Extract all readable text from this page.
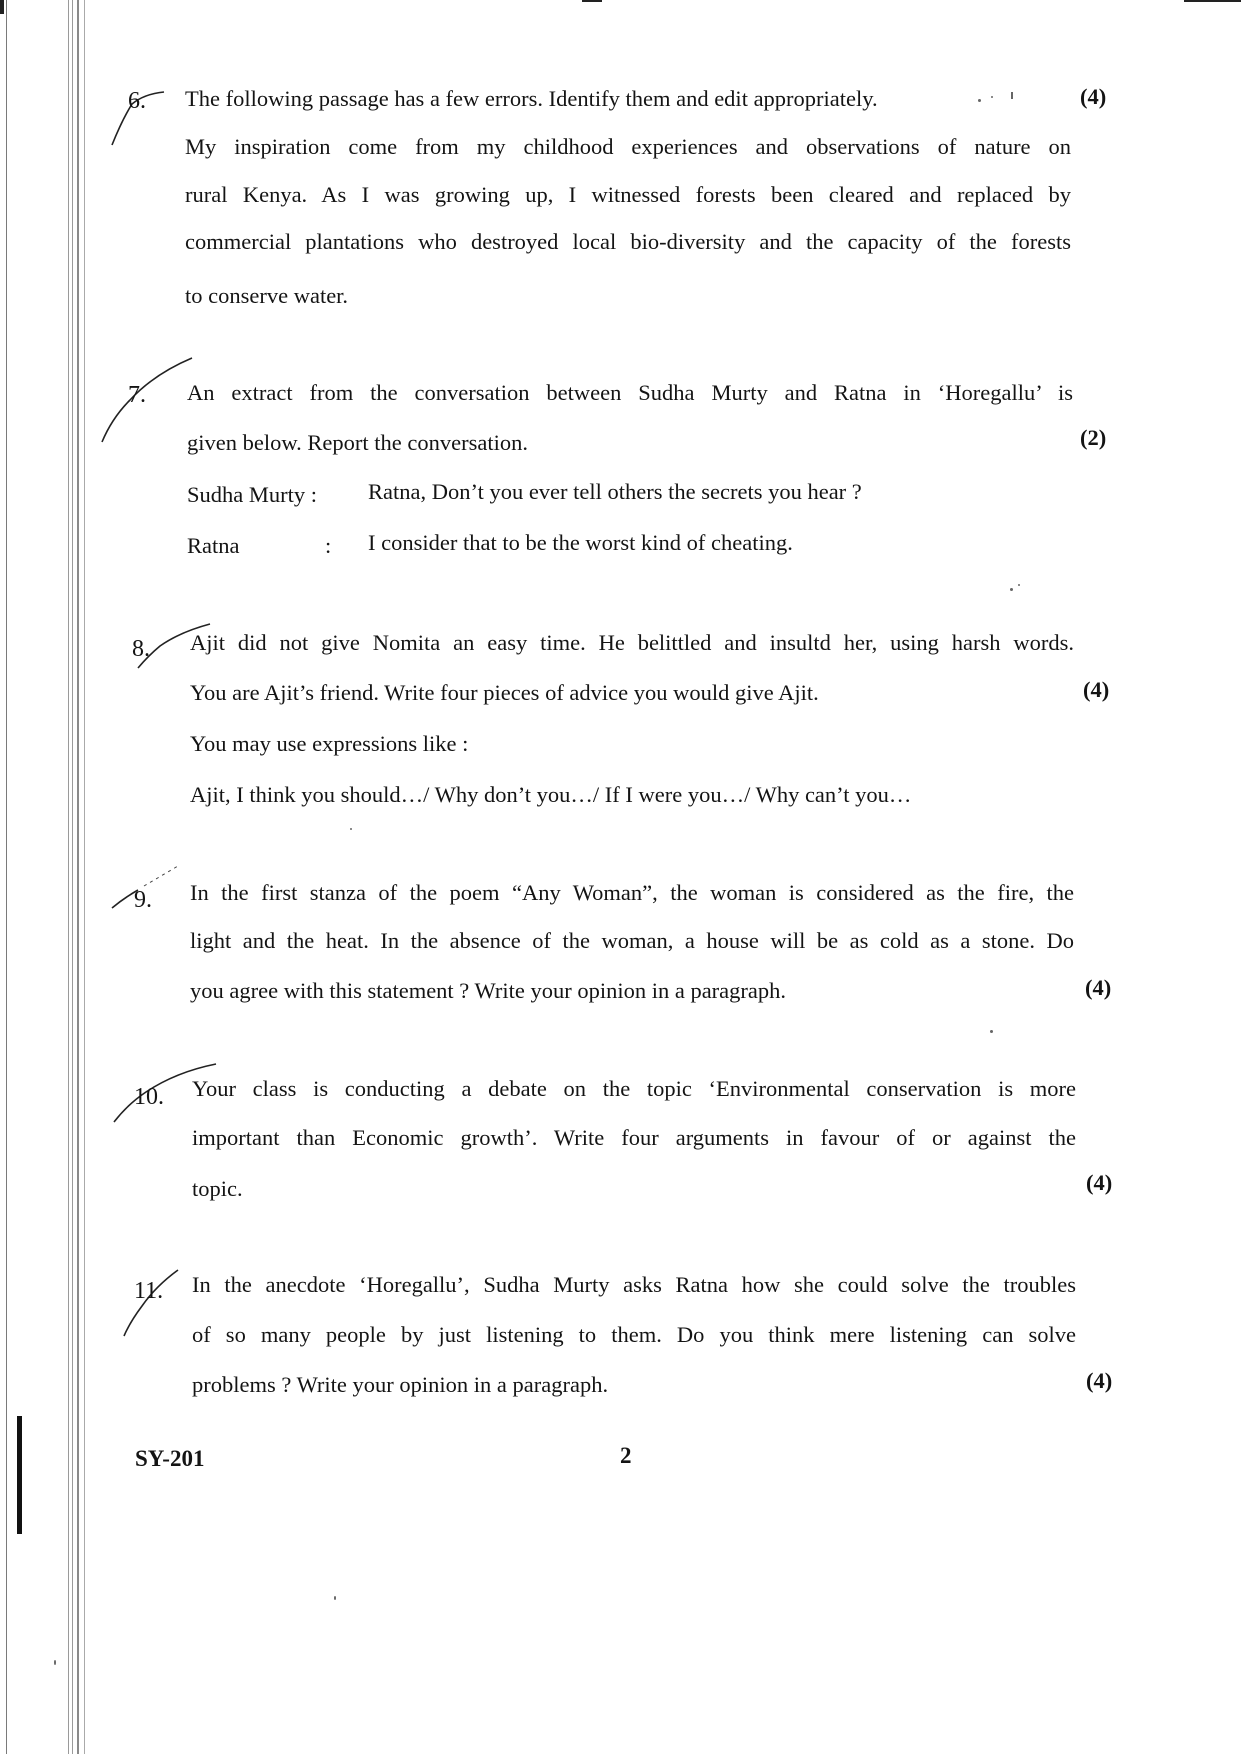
6. The following passage has a few errors. Identify them and edit appropriately.	(4)
My inspiration come from my childhood experiences and observations of nature on
rural Kenya. As I was growing up, I witnessed forests been cleared and replaced by
commercial plantations who destroyed local bio-diversity and the capacity of the forests
to conserve water.
7. An extract from the conversation between Sudha Murty and Ratna in ‘Horegallu’ is
given below. Report the conversation.	(2)
Sudha Murty : Ratna, Don’t you ever tell others the secrets you hear ?
Ratna	: I consider that to be the worst kind of cheating.
8. Ajit did not give Nomita an easy time. He belittled and insultd her, using harsh words.
You are Ajit’s friend. Write four pieces of advice you would give Ajit.	(4)
You may use expressions like :
Ajit, I think you should…/ Why don’t you…/ If I were you…/ Why can’t you…
9. In the first stanza of the poem “Any Woman”, the woman is considered as the fire, the
light and the heat. In the absence of the woman, a house will be as cold as a stone. Do
you agree with this statement ? Write your opinion in a paragraph.	(4)
10. Your class is conducting a debate on the topic ‘Environmental conservation is more
important than Economic growth’. Write four arguments in favour of or against the
topic.	(4)
11. In the anecdote ‘Horegallu’, Sudha Murty asks Ratna how she could solve the troubles
of so many people by just listening to them. Do you think mere listening can solve
problems ? Write your opinion in a paragraph.	(4)
SY-201	2
